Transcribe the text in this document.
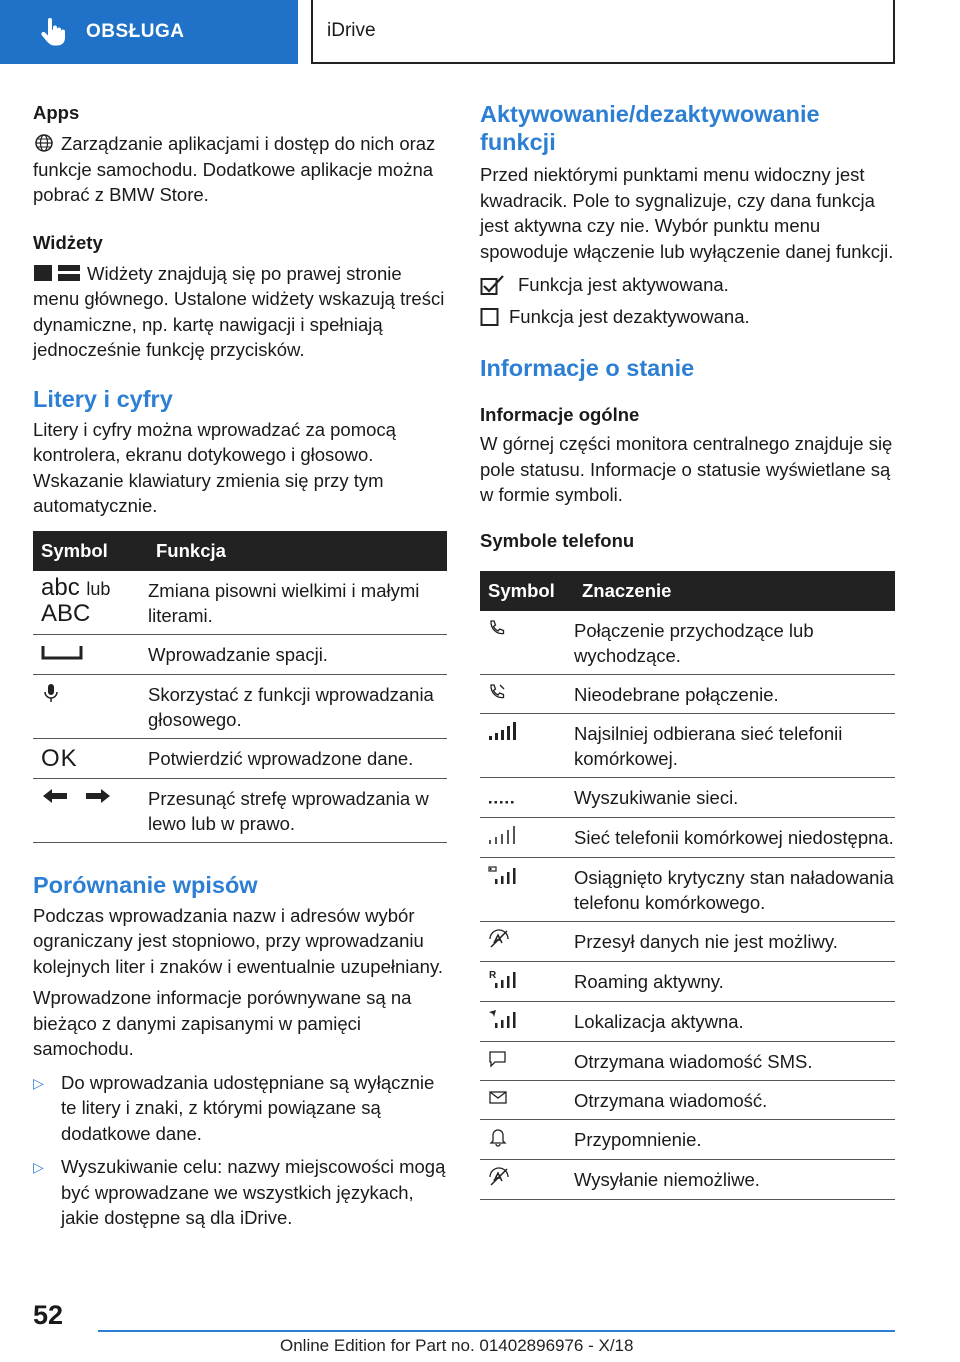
OBSŁUGA	iDrive
Apps

Zarządzanie aplikacjami i dostęp do nich oraz funkcje samochodu. Dodatkowe aplikacje można pobrać z BMW Store.

Widżety

Widżety znajdują się po prawej stronie menu głównego. Ustalone widżety wskazują treści dynamiczne, np. kartę nawigacji i spełniają jednocześnie funkcję przycisków.

Litery i cyfry

Litery i cyfry można wprowadzać za pomocą kontrolera, ekranu dotykowego i głosowo. Wskazanie klawiatury zmienia się przy tym automatycznie.

Symbol	Funkcja

abc lub
ABC	Zmiana pisowni wielkimi i małymi literami.
	Wprowadzanie spacji.
	Skorzystać z funkcji wprowadzania głosowego.
OK	Potwierdzić wprowadzone dane.
	Przesunąć strefę wprowadzania w lewo lub w prawo.
Porównanie wpisów

Podczas wprowadzania nazw i adresów wybór ograniczany jest stopniowo, przy wprowadzaniu kolejnych liter i znaków i ewentualnie uzupełniany.

Wprowadzone informacje porównywane są na bieżąco z danymi zapisanymi w pamięci samochodu.

▷ Do wprowadzania udostępniane są wyłącznie te litery i znaki, z którymi powiązane są dodatkowe dane.
▷ Wyszukiwanie celu: nazwy miejscowości mogą być wprowadzane we wszystkich językach, jakie dostępne są dla iDrive.
Aktywowanie/dezaktywowanie funkcji

Przed niektórymi punktami menu widoczny jest kwadracik. Pole to sygnalizuje, czy dana funkcja jest aktywna czy nie. Wybór punktu menu spowoduje włączenie lub wyłączenie danej funkcji.

Funkcja jest aktywowana.
Funkcja jest dezaktywowana.
Informacje o stanie
Informacje ogólne

W górnej części monitora centralnego znajduje się pole statusu. Informacje o statusie wyświetlane są w formie symboli.

Symbole telefonu
Symbol	Znaczenie
	Połączenie przychodzące lub wychodzące.
	Nieodebrane połączenie.
	Najsilniej odbierana sieć telefonii komórkowej.
	Wyszukiwanie sieci.
	Sieć telefonii komórkowej niedostępna.
	Osiągnięto krytyczny stan naładowania telefonu komórkowego.
	Przesył danych nie jest możliwy.

R	Roaming aktywny.
	Lokalizacja aktywna.
	Otrzymana wiadomość SMS.
	Otrzymana wiadomość.
	Przypomnienie.
	Wysyłanie niemożliwe.
52
Online Edition for Part no. 01402896976 - X/18
